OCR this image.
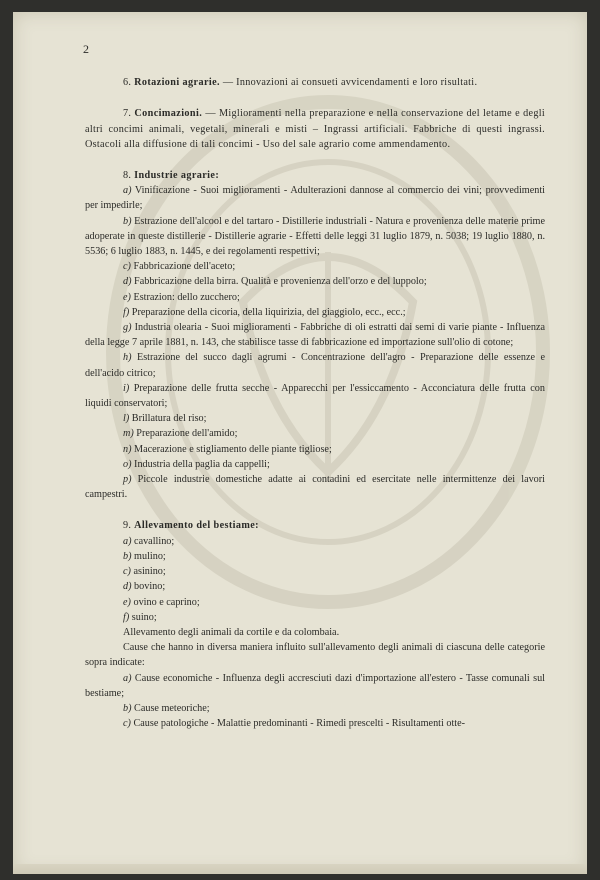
2

6. Rotazioni agrarie. — Innovazioni ai consueti avvicendamenti e loro risultati.

7. Concimazioni. — Miglioramenti nella preparazione e nella conservazione del letame e degli altri concimi animali, vegetali, minerali e misti – Ingrassi artificiali. Fabbriche di questi ingrassi. Ostacoli alla diffusione di tali concimi - Uso del sale agrario come ammendamento.

8. Industrie agrarie:

a) Vinificazione - Suoi miglioramenti - Adulterazioni dannose al commercio dei vini; provvedimenti per impedirle;

b) Estrazione dell'alcool e del tartaro - Distillerie industriali - Natura e provenienza delle materie prime adoperate in queste distillerie - Distillerie agrarie - Effetti delle leggi 31 luglio 1879, n. 5038; 19 luglio 1880, n. 5536; 6 luglio 1883, n. 1445, e dei regolamenti respettivi;

c) Fabbricazione dell'aceto;

d) Fabbricazione della birra. Qualità e provenienza dell'orzo e del luppolo;

e) Estrazion: dello zucchero;

f) Preparazione della cicoria, della liquirizia, del giaggiolo, ecc., ecc.;

g) Industria olearia - Suoi miglioramenti - Fabbriche di oli estratti dai semi di varie piante - Influenza della legge 7 aprile 1881, n. 143, che stabilisce tasse di fabbricazione ed importazione sull'olio di cotone;

h) Estrazione del succo dagli agrumi - Concentrazione dell'agro - Preparazione delle essenze e dell'acido citrico;

i) Preparazione delle frutta secche - Apparecchi per l'essiccamento - Acconciatura delle frutta con liquidi conservatori;

l) Brillatura del riso;

m) Preparazione dell'amido;

n) Macerazione e stigliamento delle piante tigliose;

o) Industria della paglia da cappelli;

p) Piccole industrie domestiche adatte ai contadini ed esercitate nelle intermittenze dei lavori campestri.

9. Allevamento del bestiame:

a) cavallino;

b) mulino;

c) asinino;

d) bovino;

e) ovino e caprino;

f) suino;

Allevamento degli animali da cortile e da colombaia.

Cause che hanno in diversa maniera influito sull'allevamento degli animali di ciascuna delle categorie sopra indicate:

a) Cause economiche - Influenza degli accresciuti dazi d'importazione all'estero - Tasse comunali sul bestiame;

b) Cause meteoriche;

c) Cause patologiche - Malattie predominanti - Rimedi prescelti - Risultamenti otte-
